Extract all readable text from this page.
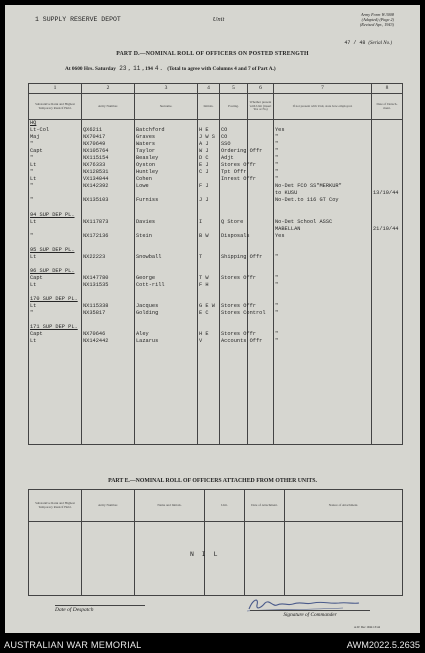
1 SUPPLY RESERVE DEPOT	Unit
Army Form W.3008
(Adapted) (Page 2)
(Revised Apr., 1943)
47 / 48 (Serial No.)
PART D.—NOMINAL ROLL OF OFFICERS ON POSTED STRENGTH
At 0600 Hrs. Saturday 23 , 11 , 194 4 . (Total to agree with Columns 4 and 7 of Part A.)
1	2	3	4	5	6	7	8
Substantive Rank and Highest Temporary Rank if Held.	Army Number.	Surname.	Initials.	Posting.	Whether present with Unit (insert Yes or No)	If not present with Unit, state how employed.	Date of Detach-ment.
HQ							
Lt-Col	QX6211	Batchford	H E	CO		Yes	
Maj	NX70417	Graves	J W S	CO		"	
"	NX70649	Waters	A J	SSO		"	
Capt	NX105764	Taylor	W J	Ordering Offr		"	
"	NX115154	Beasley	D C	Adjt		"	
Lt	NX76333	Oyston	E J	Stores Offr		"	
"	NX128531	Huntley	C J	Tpt Offr		"	
Lt	VX134044	Cohen		Inrest Offr		"	
"	NX142392	Lowe	F J			No-Det FCO SS"MERKUR"	
						to KUSU	13/10/44
"	NX135103	Furniss	J J			No-Det.to 116 GT Coy	

94 SUP DEP PL.							
Lt	NX117873	Davies	I	Q Store		No-Det School ASSC	
						MABELLAN	21/10/44
"	NX172136	Stein	B W	Disposals		Yes	

95 SUP DEP PL.							
Lt	NX22223	Snowball	T	Shipping Offr		"	

96 SUP DEP PL.							
Capt	NX147780	George	T W	Stores Offr		"	
Lt	NX131535	Cott-rill	F H			"	

170 SUP DEP PL.							
Lt	NX115338	Jacques	G E W	Stores Offr		"	
"	NX35817	Golding	E C	Stores Control		"	

171 SUP DEP PL.							
Capt	NX70646	Aley	H E	Stores Offr		"	
Lt	NX142442	Lazarus	V	Accounts Offr		"	

PART E.—NOMINAL ROLL OF OFFICERS ATTACHED FROM OTHER UNITS.
Substantive Rank and Highest Temporary Rank if Held.	Army Number.	Name and Initials.	Unit.	Date of Attachment.	Nature of Attachment.

N I L
Date of Despatch
Signature of Commander
A.W. Dec 1944 13/44
AUSTRALIAN WAR MEMORIAL	AWM2022.5.2635
